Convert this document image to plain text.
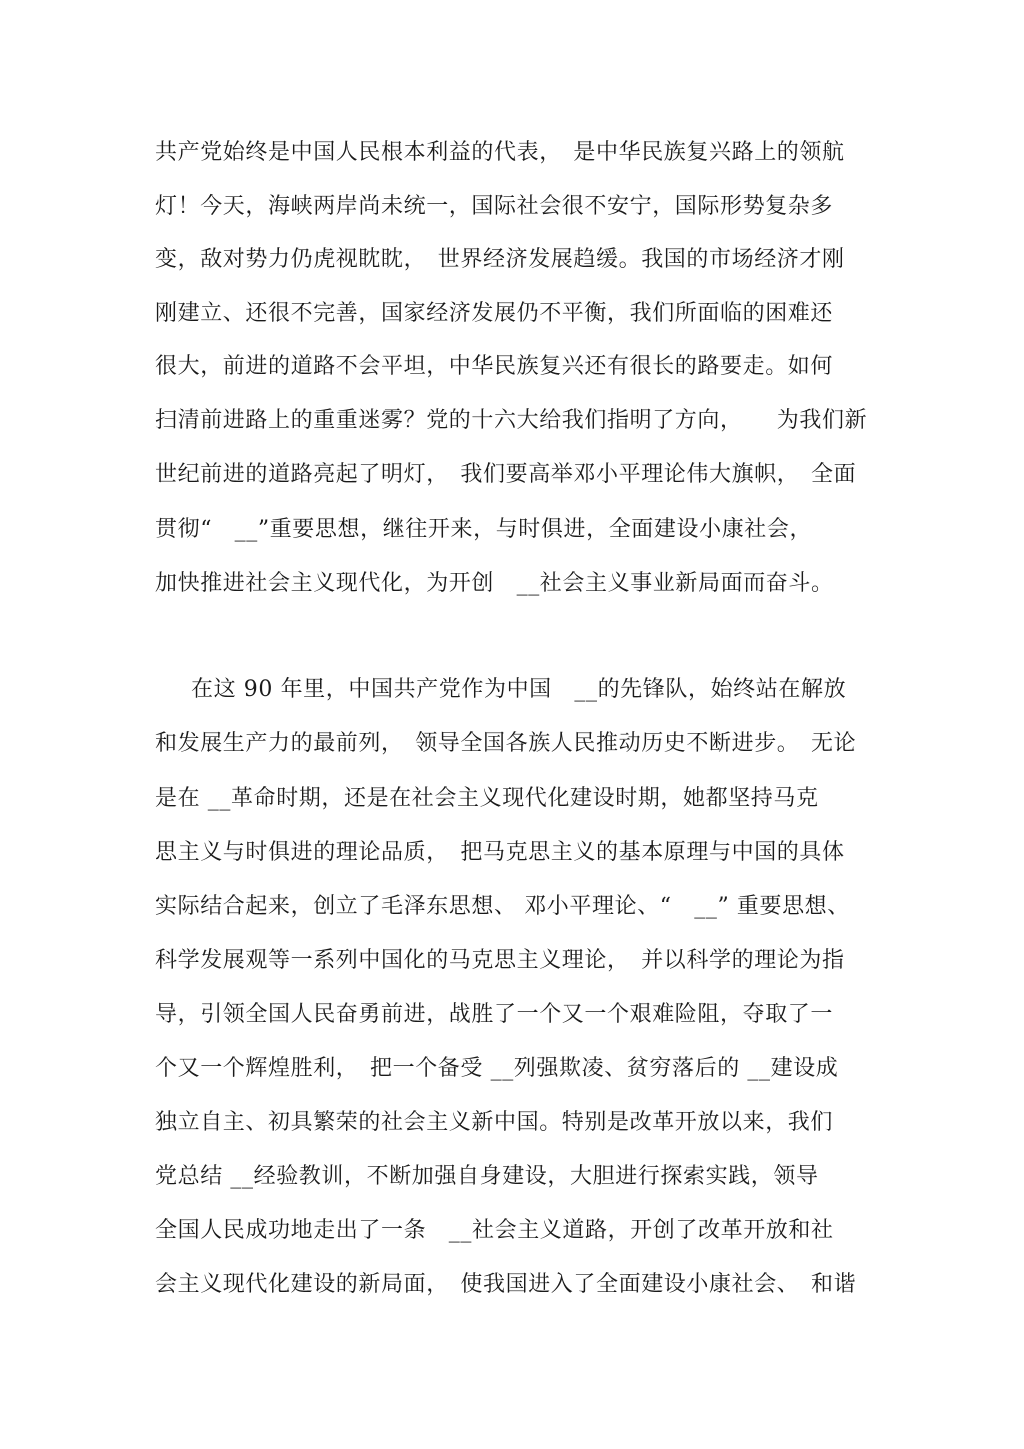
共产党始终是中国人民根本利益的代表，　是中华民族复兴路上的领航
灯！今天，海峡两岸尚未统一，国际社会很不安宁，国际形势复杂多
变，敌对势力仍虎视眈眈，　世界经济发展趋缓。我国的市场经济才刚
刚建立、还很不完善，国家经济发展仍不平衡，我们所面临的困难还
很大，前进的道路不会平坦，中华民族复兴还有很长的路要走。如何
扫清前进路上的重重迷雾？党的十六大给我们指明了方向，　　为我们新
世纪前进的道路亮起了明灯，　我们要高举邓小平理论伟大旗帜，　全面
贯彻“　__”重要思想，继往开来，与时俱进，全面建设小康社会，
加快推进社会主义现代化，为开创　__社会主义事业新局面而奋斗。
在这 90 年里，中国共产党作为中国　__的先锋队，始终站在解放
和发展生产力的最前列，　领导全国各族人民推动历史不断进步。　无论
是在 __革命时期，还是在社会主义现代化建设时期，她都坚持马克
思主义与时俱进的理论品质，　把马克思主义的基本原理与中国的具体
实际结合起来，创立了毛泽东思想、 邓小平理论、“　__” 重要思想、
科学发展观等一系列中国化的马克思主义理论，　并以科学的理论为指
导，引领全国人民奋勇前进，战胜了一个又一个艰难险阻，夺取了一
个又一个辉煌胜利，　把一个备受 __列强欺凌、贫穷落后的 __建设成
独立自主、初具繁荣的社会主义新中国。特别是改革开放以来，我们
党总结 __经验教训，不断加强自身建设，大胆进行探索实践，领导
全国人民成功地走出了一条　__社会主义道路，开创了改革开放和社
会主义现代化建设的新局面，　使我国进入了全面建设小康社会、　和谐
